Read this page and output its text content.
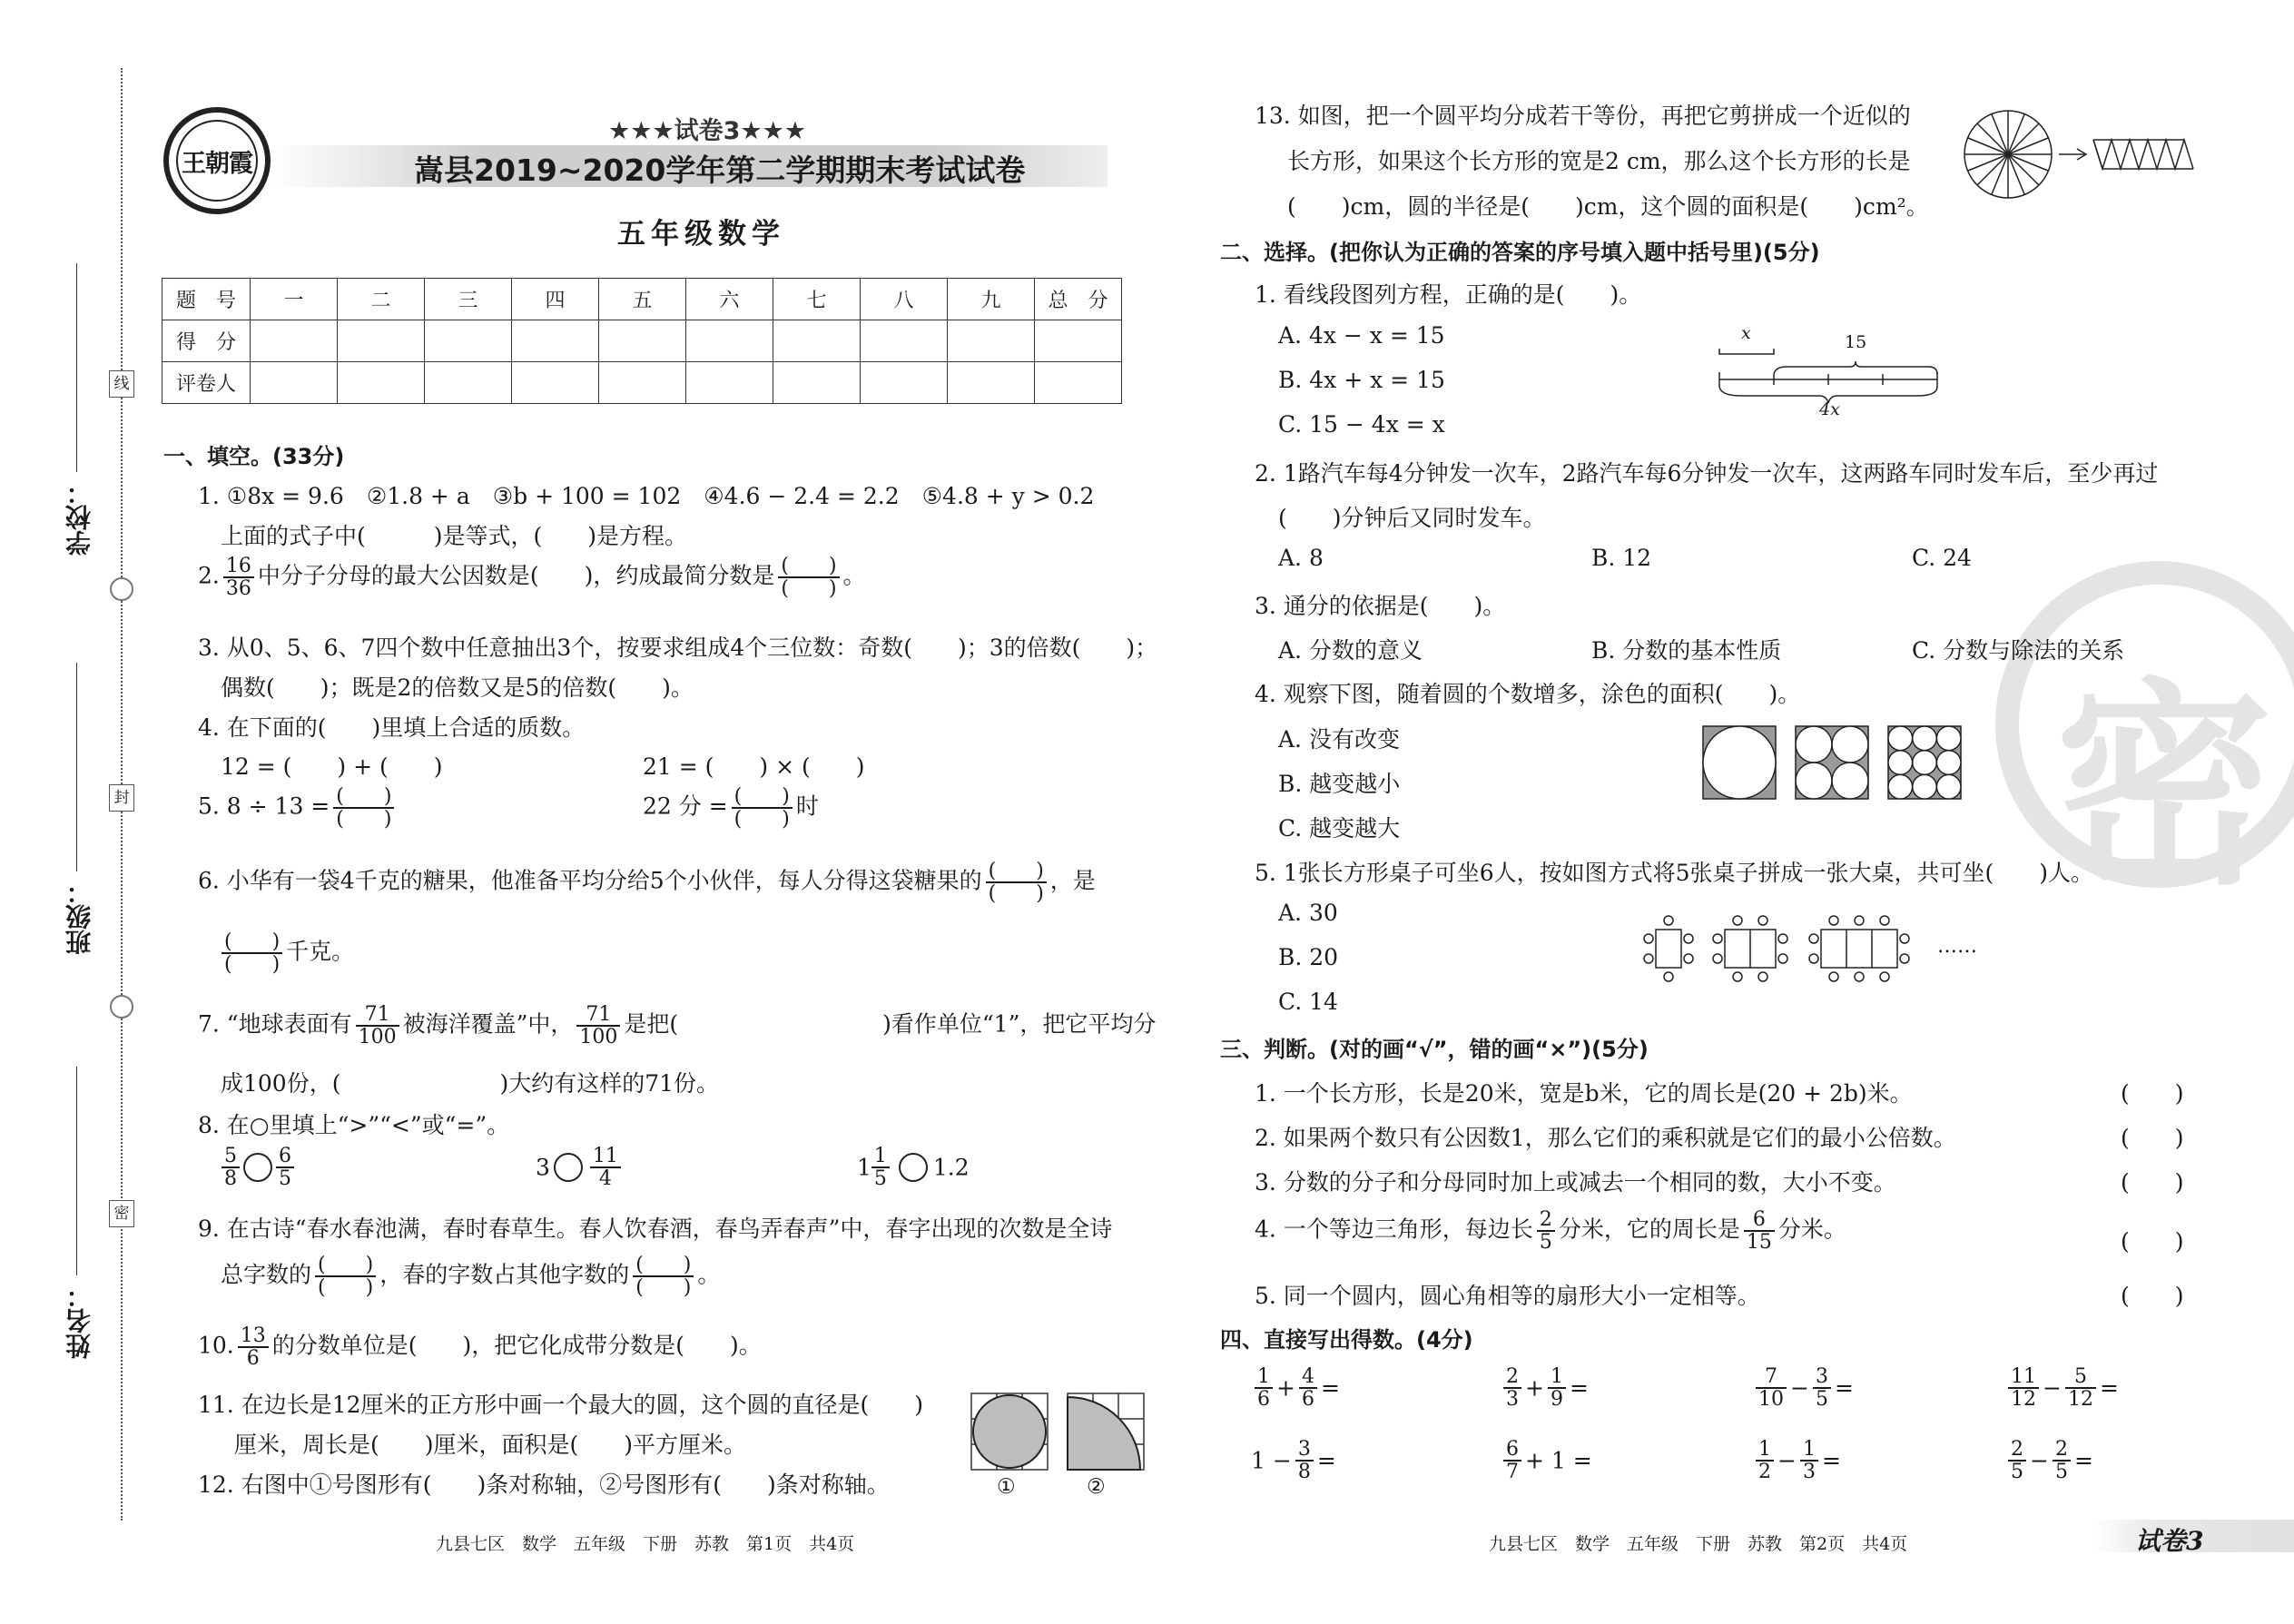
线
封
密
学校：
班级：
姓名：
王朝霞
★★★试卷3★★★
嵩县2019~2020学年第二学期期末考试试卷
五年级数学
题　号	一	二	三	四	五	六	七	八	九	总　分
得　分										
评卷人										
一、填空。(33分)
1. ①8x = 9.6　②1.8 + a　③b + 100 = 102　④4.6 − 2.4 = 2.2　⑤4.8 + y > 0.2
上面的式子中(　　　)是等式，(　　)是方程。
2. $\frac{16}{36}$ 中分子分母的最大公因数是(　　)，约成最简分数是 $\frac{( )}{( )}$ 。
3. 从0、5、6、7四个数中任意抽出3个，按要求组成4个三位数：奇数(　　)；3的倍数(　　)；
偶数(　　)；既是2的倍数又是5的倍数(　　)。
4. 在下面的(　　)里填上合适的质数。
12 = (　　) + (　　)	21 = (　　) × (　　)
5. $8 \div 13 = \frac{( )}{( )}$	22 分 = $\frac{( )}{( )}$ 时
6. 小华有一袋4千克的糖果，他准备平均分给5个小伙伴，每人分得这袋糖果的 $\frac{( )}{( )}$ ，是
$\frac{( )}{( )}$ 千克。
7. “地球表面有 $\frac{71}{100}$ 被海洋覆盖”中， $\frac{71}{100}$ 是把(　　　　　　　　　)看作单位“1”，把它平均分
成100份，(　　　　　　　)大约有这样的71份。
8. 在○里填上“>”“<”或“=”。
$\frac{5}{8} \frac{6}{5}$	$3 \frac{11}{4}$	$1 \frac{1}{5} 1.2$
9. 在古诗“春水春池满，春时春草生。春人饮春酒，春鸟弄春声”中，春字出现的次数是全诗
总字数的 $\frac{( )}{( )}$ ，春的字数占其他字数的 $\frac{( )}{( )}$ 。
10. $\frac{13}{6}$ 的分数单位是(　　)，把它化成带分数是(　　)。
11. 在边长是12厘米的正方形中画一个最大的圆，这个圆的直径是(　　)
厘米，周长是(　　)厘米，面积是(　　)平方厘米。
12. 右图中①号图形有(　　)条对称轴，②号图形有(　　)条对称轴。	①	②
九县七区　数学　五年级　下册　苏教　第1页　共4页
密
13. 如图，把一个圆平均分成若干等份，再把它剪拼成一个近似的
长方形，如果这个长方形的宽是2 cm，那么这个长方形的长是
(　　)cm，圆的半径是(　　)cm，这个圆的面积是(　　)cm²。
二、选择。(把你认为正确的答案的序号填入题中括号里)(5分)
1. 看线段图列方程，正确的是(　　)。
A. 4x − x = 15
B. 4x + x = 15
C. 15 − 4x = x
x	15
4x
2. 1路汽车每4分钟发一次车，2路汽车每6分钟发一次车，这两路车同时发车后，至少再过
(　　)分钟后又同时发车。
A. 8	B. 12	C. 24
3. 通分的依据是(　　)。
A. 分数的意义	B. 分数的基本性质	C. 分数与除法的关系
4. 观察下图，随着圆的个数增多，涂色的面积(　　)。
A. 没有改变
B. 越变越小
C. 越变越大
5. 1张长方形桌子可坐6人，按如图方式将5张桌子拼成一张大桌，共可坐(　　)人。
A. 30
B. 20
C. 14
……
三、判断。(对的画“√”，错的画“×”)(5分)
1. 一个长方形，长是20米，宽是b米，它的周长是(20 + 2b)米。
2. 如果两个数只有公因数1，那么它们的乘积就是它们的最小公倍数。
3. 分数的分子和分母同时加上或减去一个相同的数，大小不变。
4. 一个等边三角形，每边长 $\frac{2}{5}$ 分米，它的周长是 $\frac{6}{15}$ 分米。
5. 同一个圆内，圆心角相等的扇形大小一定相等。
(　　)
(　　)
(　　)
(　　)
(　　)
四、直接写出得数。(4分)
$\frac{1}{6} + \frac{4}{6}$ =	$\frac{2}{3} + \frac{1}{9}$ =	$\frac{7}{10} - \frac{3}{5}$ =	$\frac{11}{12} - \frac{5}{12}$ =
$1 - \frac{3}{8}$ =	$\frac{6}{7} + 1$ =	$\frac{1}{2} - \frac{1}{3}$ =	$\frac{2}{5} - \frac{2}{5}$ =
九县七区　数学　五年级　下册　苏教　第2页　共4页	试卷3
